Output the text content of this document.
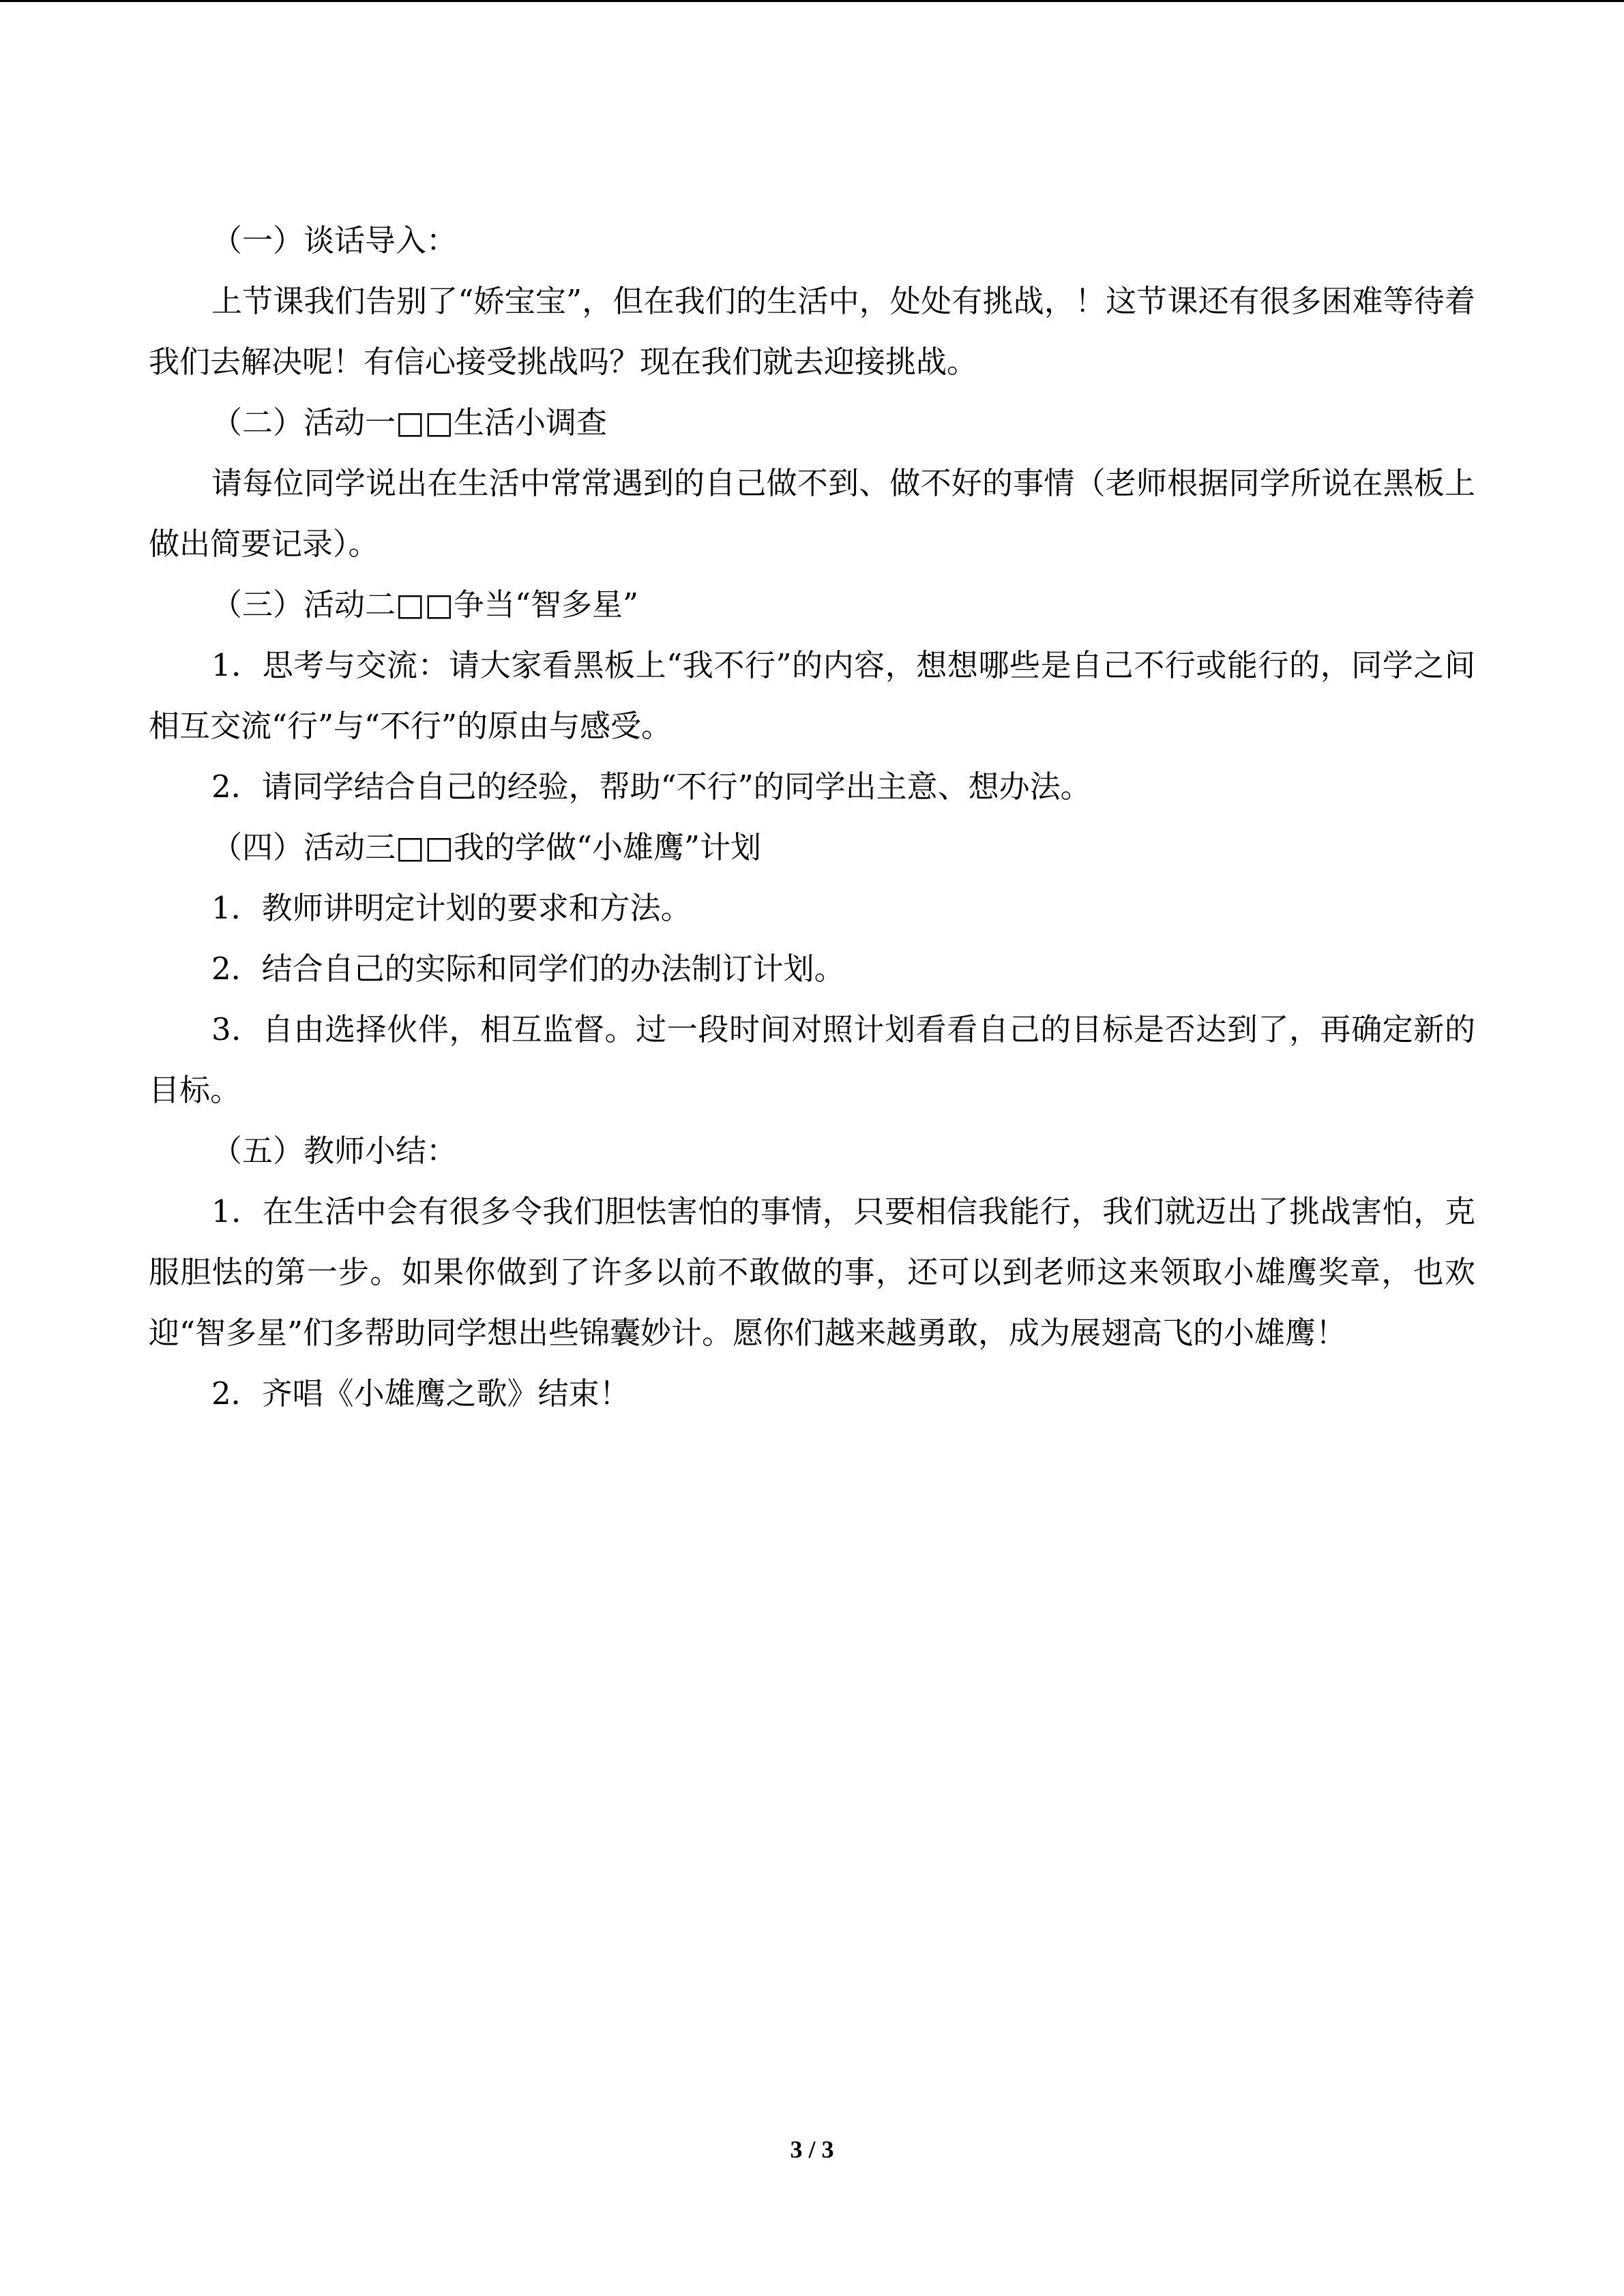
（一）谈话导入：

上节课我们告别了“娇宝宝”，但在我们的生活中，处处有挑战，！这节课还有很多困难等待着我们去解决呢！有信心接受挑战吗？现在我们就去迎接挑战。

（二）活动一□□生活小调查

请每位同学说出在生活中常常遇到的自己做不到、做不好的事情（老师根据同学所说在黑板上做出简要记录）。

（三）活动二□□争当“智多星”

1．思考与交流：请大家看黑板上“我不行”的内容，想想哪些是自己不行或能行的，同学之间相互交流“行”与“不行”的原由与感受。

2．请同学结合自己的经验，帮助“不行”的同学出主意、想办法。

（四）活动三□□我的学做“小雄鹰”计划

1．教师讲明定计划的要求和方法。

2．结合自己的实际和同学们的办法制订计划。

3．自由选择伙伴，相互监督。过一段时间对照计划看看自己的目标是否达到了，再确定新的目标。

（五）教师小结：

1．在生活中会有很多令我们胆怯害怕的事情，只要相信我能行，我们就迈出了挑战害怕，克服胆怯的第一步。如果你做到了许多以前不敢做的事，还可以到老师这来领取小雄鹰奖章，也欢迎“智多星”们多帮助同学想出些锦囊妙计。愿你们越来越勇敢，成为展翅高飞的小雄鹰！

2．齐唱《小雄鹰之歌》结束！

3 / 3
